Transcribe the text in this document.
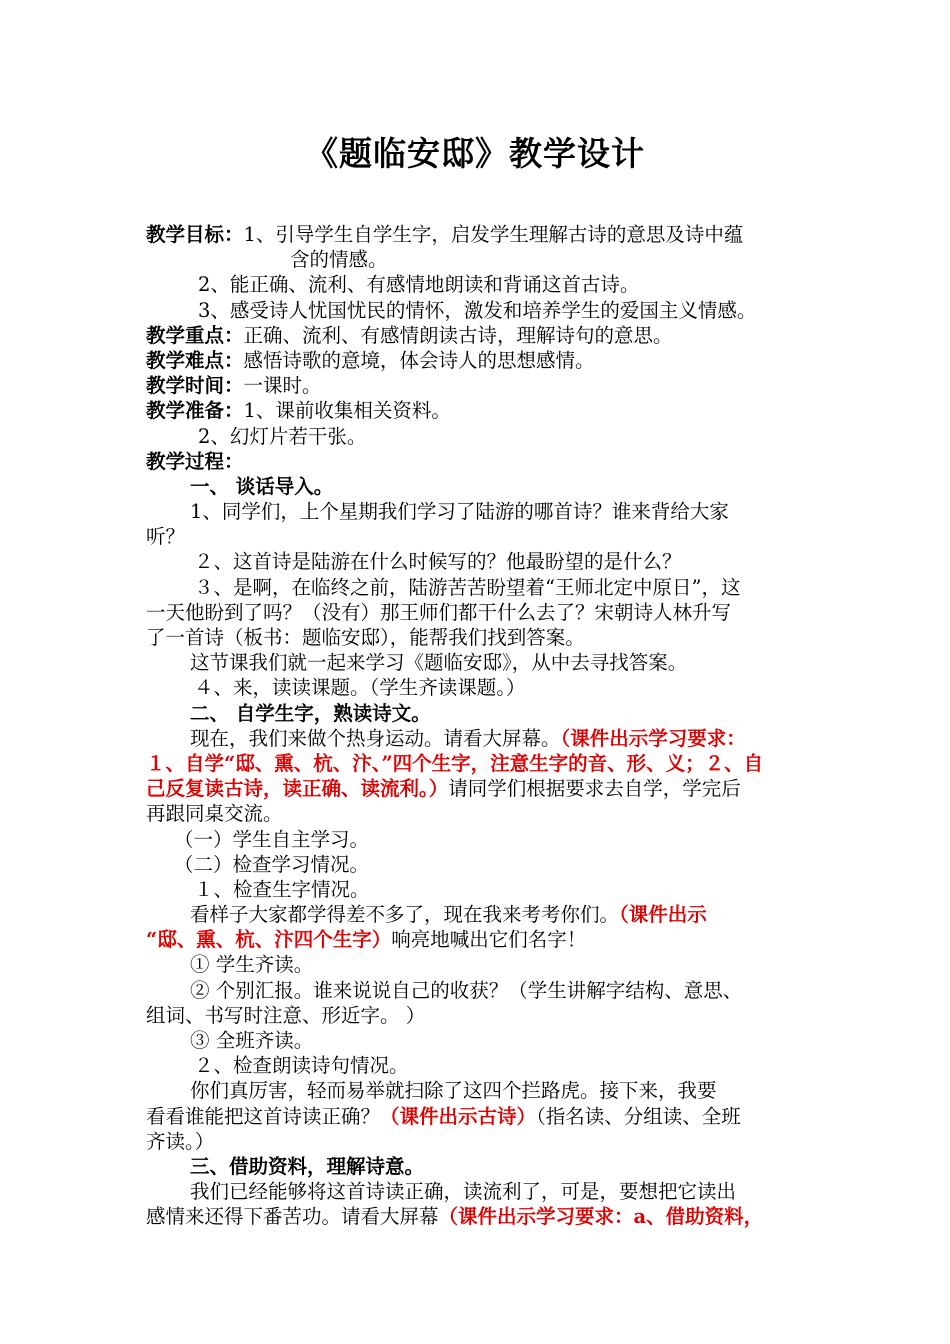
《题临安邸》教学设计
教学目标：1、引导学生自学生字，启发学生理解古诗的意思及诗中蕴
含的情感。
2、能正确、流利、有感情地朗读和背诵这首古诗。
3、感受诗人忧国忧民的情怀，激发和培养学生的爱国主义情感。
教学重点：正确、流利、有感情朗读古诗，理解诗句的意思。
教学难点：感悟诗歌的意境，体会诗人的思想感情。
教学时间：一课时。
教学准备：1、课前收集相关资料。
2、幻灯片若干张。
教学过程：
一、 谈话导入。
1、同学们，上个星期我们学习了陆游的哪首诗？谁来背给大家
听？
２、这首诗是陆游在什么时候写的？他最盼望的是什么？
３、是啊，在临终之前，陆游苦苦盼望着“王师北定中原日”，这
一天他盼到了吗？（没有）那王师们都干什么去了？宋朝诗人林升写
了一首诗（板书：题临安邸），能帮我们找到答案。
这节课我们就一起来学习《题临安邸》，从中去寻找答案。
４、来，读读课题。（学生齐读课题。）
二、 自学生字，熟读诗文。
现在，我们来做个热身运动。请看大屏幕。（课件出示学习要求：
１、自学“邸、熏、杭、汴、”四个生字，注意生字的音、形、义；２、自
己反复读古诗，读正确、读流利。）请同学们根据要求去自学，学完后
再跟同桌交流。
（一）学生自主学习。
（二）检查学习情况。
１、检查生字情况。
看样子大家都学得差不多了，现在我来考考你们。（课件出示
“邸、熏、杭、汴四个生字）响亮地喊出它们名字！
① 学生齐读。
② 个别汇报。谁来说说自己的收获？（学生讲解字结构、意思、
组词、书写时注意、形近字。 ）
③ 全班齐读。
２、检查朗读诗句情况。
你们真厉害，轻而易举就扫除了这四个拦路虎。接下来，我要
看看谁能把这首诗读正确？（课件出示古诗）（指名读、分组读、全班
齐读。）
三、借助资料，理解诗意。
我们已经能够将这首诗读正确，读流利了，可是，要想把它读出
感情来还得下番苦功。请看大屏幕（课件出示学习要求：a、借助资料，
